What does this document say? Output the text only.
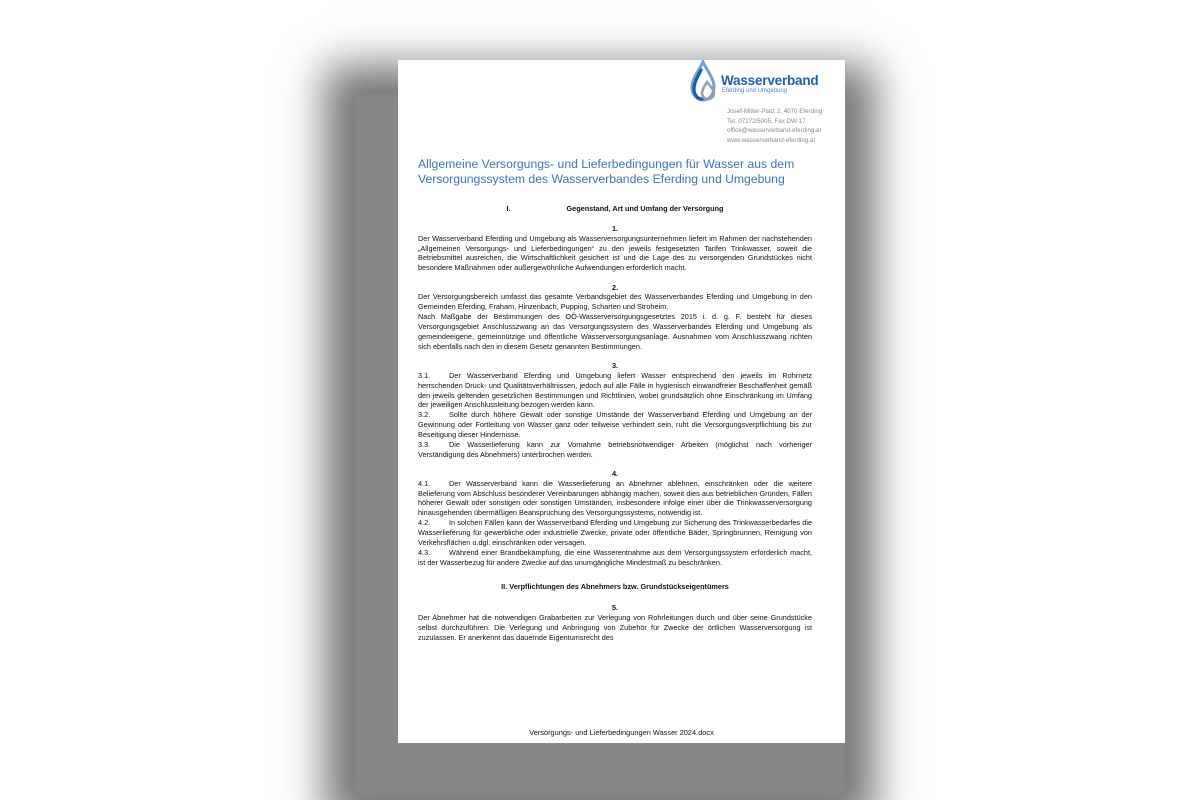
Wasserverband
Eferding und Umgebung
Josef-Mitter-Platz 2, 4070 Eferding
Tel. 07272/5005, Fax DW-17
office@wasserverband-eferding.at
www.wasserverband-eferding.at
Allgemeine Versorgungs- und Lieferbedingungen für Wasser aus dem
Versorgungssystem des Wasserverbandes Eferding und Umgebung
I.	Gegenstand, Art und Umfang der Versorgung
1.
Der Wasserverband Eferding und Umgebung als Wasserversorgungsunternehmen liefert im Rahmen der nachstehenden „Allgemeinen Versorgungs- und Lieferbedingungen“ zu den jeweils festgesetzten Tarifen Trinkwasser, soweit die Betriebsmittel ausreichen, die Wirtschaftlichkeit gesichert ist und die Lage des zu versorgenden Grundstückes nicht besondere Maßnahmen oder außergewöhnliche Aufwendungen erforderlich macht.
2.

Der Versorgungsbereich umfasst das gesamte Verbandsgebiet des Wasserverbandes Eferding und Umgebung in den Gemeinden Eferding, Fraham, Hinzenbach, Pupping, Scharten und Stroheim.

Nach Maßgabe der Bestimmungen des OÖ-Wasserversorgungsgesetztes 2015 i. d. g. F. besteht für dieses Versorgungsgebiet Anschlusszwang an das Versorgungssystem des Wasserverbandes Eferding und Umgebung als gemeindeeigene, gemeinnützige und öffentliche Wasserversorgungsanlage. Ausnahmen vom Anschlusszwang richten sich ebenfalls nach den in diesem Gesetz genannten Bestimmungen.

3.

3.1.	Der Wasserverband Eferding und Umgebung liefert Wasser entsprechend den jeweils im Rohrnetz herrschenden Druck- und Qualitätsverhältnissen, jedoch auf alle Fälle in hygienisch einwandfreier Beschaffenheit gemäß den jeweils geltenden gesetzlichen Bestimmungen und Richtlinien, wobei grundsätzlich ohne Einschränkung im Umfang der jeweiligen Anschlussleitung bezogen werden kann.

3.2.	Sollte durch höhere Gewalt oder sonstige Umstände der Wasserverband Eferding und Umgebung an der Gewinnung oder Fortleitung von Wasser ganz oder teilweise verhindert sein, ruht die Versorgungsverpflichtung bis zur Beseitigung dieser Hindernisse.

3.3.	Die Wasserlieferung kann zur Vornahme betriebsnotwendiger Arbeiten (möglichst nach vorheriger Verständigung des Abnehmers) unterbrochen werden.

4.

4.1.	Der Wasserverband kann die Wasserlieferung an Abnehmer ablehnen, einschränken oder die weitere Belieferung vom Abschluss besonderer Vereinbarungen abhängig machen, soweit dies aus betrieblichen Gründen, Fällen höherer Gewalt oder sonstigen oder sonstigen Umständen, insbesondere infolge einer über die Trinkwasserversorgung hinausgehenden übermäßigen Beanspruchung des Versorgungssystems, notwendig ist.

4.2.	In solchen Fällen kann der Wasserverband Eferding und Umgebung zur Sicherung des Trinkwasserbedarfes die Wasserlieferung für gewerbliche oder industrielle Zwecke, private oder öffentliche Bäder, Springbrunnen, Reinigung von Verkehrsflächen u.dgl. einschränken oder versagen.

4.3.	Während einer Brandbekämpfung, die eine Wasserentnahme aus dem Versorgungssystem erforderlich macht, ist der Wasserbezug für andere Zwecke auf das unumgängliche Mindestmaß zu beschränken.

II. Verpflichtungen des Abnehmers bzw. Grundstückseigentümers
5.
Der Abnehmer hat die notwendigen Grabarbeiten zur Verlegung von Rohrleitungen durch und über seine Grundstücke selbst durchzuführen. Die Verlegung und Anbringung von Zubehör für Zwecke der örtlichen Wasserversorgung ist zuzulassen. Er anerkennt das dauernde Eigentumsrecht des
Versorgungs- und Lieferbedingungen Wasser 2024.docx
